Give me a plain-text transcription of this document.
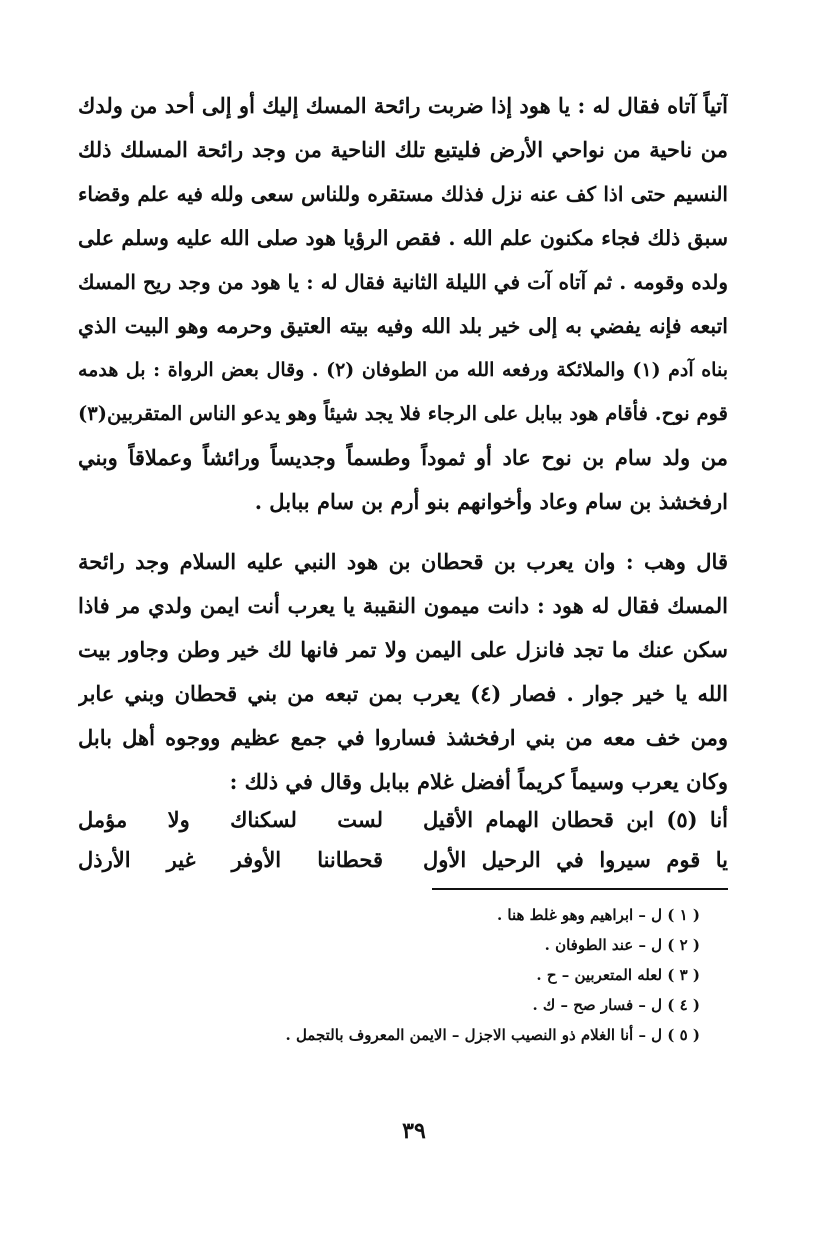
آتياً آتاه فقال له : يا هود إذا ضربت رائحة المسك إليك أو إلى أحد من ولدك
من ناحية من نواحي الأرض فليتبع تلك الناحية من وجد رائحة المسلك ذلك
النسيم حتى اذا كف عنه نزل فذلك مستقره وللناس سعى ولله فيه علم وقضاء
سبق ذلك فجاء مكنون علم الله . فقص الرؤيا هود صلى الله عليه وسلم على
ولده وقومه . ثم آتاه آت في الليلة الثانية فقال له : يا هود من وجد ريح المسك
اتبعه فإنه يفضي به إلى خير بلد الله وفيه بيته العتيق وحرمه وهو البيت الذي
بناه آدم (١) والملائكة ورفعه الله من الطوفان (٢) . وقال بعض الرواة : بل هدمه
قوم نوح. فأقام هود ببابل على الرجاء فلا يجد شيئاً وهو يدعو الناس المتقربين(٣)
من ولد سام بن نوح عاد أو ثموداً وطسماً وجديساً ورائشاً وعملاقاً وبني
ارفخشذ بن سام وعاد وأخوانهم بنو أرم بن سام ببابل .
قال وهب : وان يعرب بن قحطان بن هود النبي عليه السلام وجد رائحة
المسك فقال له هود : دانت ميمون النقيبة يا يعرب أنت ايمن ولدي مر فاذا
سكن عنك ما تجد فانزل على اليمن ولا تمر فانها لك خير وطن وجاور بيت
الله يا خير جوار . فصار (٤) يعرب بمن تبعه من بني قحطان وبني عابر
ومن خف معه من بني ارفخشذ فساروا في جمع عظيم ووجوه أهل بابل
وكان يعرب وسيماً كريماً أفضل غلام ببابل وقال في ذلك :
أنا (٥) ابن قحطان الهمام الأقيل
لست لسكناك ولا مؤمل
يا قوم سيروا في الرحيل الأول
قحطاننا الأوفر غير الأرذل
( ١ ) ل – ابراهيم وهو غلط هنا .
( ٢ ) ل – عند الطوفان .
( ٣ ) لعله المتعربين – ح .
( ٤ ) ل – فسار صح – ك .
( ٥ ) ل – أنا الغلام ذو النصيب الاجزل – الايمن المعروف بالتجمل .
٣٩
